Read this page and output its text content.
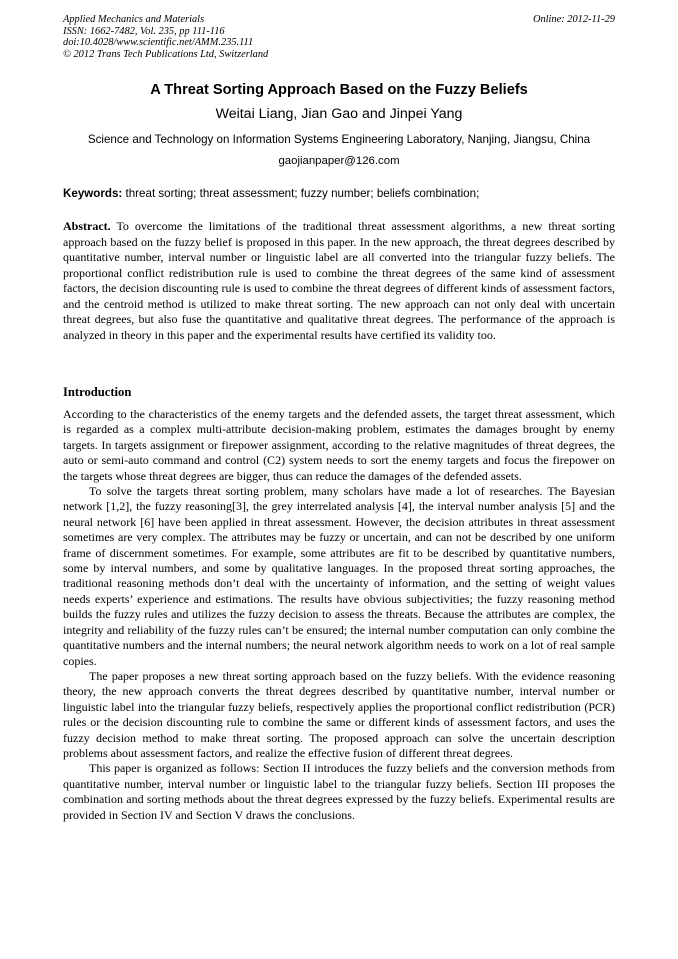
Applied Mechanics and Materials
ISSN: 1662-7482, Vol. 235, pp 111-116
doi:10.4028/www.scientific.net/AMM.235.111
© 2012 Trans Tech Publications Ltd, Switzerland
Online: 2012-11-29
A Threat Sorting Approach Based on the Fuzzy Beliefs
Weitai Liang, Jian Gao and Jinpei Yang
Science and Technology on Information Systems Engineering Laboratory, Nanjing, Jiangsu, China
gaojianpaper@126.com
Keywords: threat sorting; threat assessment; fuzzy number; beliefs combination;

Abstract. To overcome the limitations of the traditional threat assessment algorithms, a new threat sorting approach based on the fuzzy belief is proposed in this paper. In the new approach, the threat degrees described by quantitative number, interval number or linguistic label are all converted into the triangular fuzzy beliefs. The proportional conflict redistribution rule is used to combine the threat degrees of the same kind of assessment factors, the decision discounting rule is used to combine the threat degrees of different kinds of assessment factors, and the centroid method is utilized to make threat sorting. The new approach can not only deal with uncertain threat degrees, but also fuse the quantitative and qualitative threat degrees. The performance of the approach is analyzed in theory in this paper and the experimental results have certified its validity too.

Introduction

According to the characteristics of the enemy targets and the defended assets, the target threat assessment, which is regarded as a complex multi-attribute decision-making problem, estimates the damages brought by enemy targets. In targets assignment or firepower assignment, according to the relative magnitudes of threat degrees, the auto or semi-auto command and control (C2) system needs to sort the enemy targets and focus the firepower on the targets whose threat degrees are bigger, thus can reduce the damages of the defended assets.

To solve the targets threat sorting problem, many scholars have made a lot of researches. The Bayesian network [1,2], the fuzzy reasoning[3], the grey interrelated analysis [4], the interval number analysis [5] and the neural network [6] have been applied in threat assessment. However, the decision attributes in threat assessment sometimes are very complex. The attributes may be fuzzy or uncertain, and can not be described by one uniform frame of discernment sometimes. For example, some attributes are fit to be described by quantitative numbers, some by interval numbers, and some by qualitative languages. In the proposed threat sorting approaches, the traditional reasoning methods don’t deal with the uncertainty of information, and the setting of weight values needs experts’ experience and estimations. The results have obvious subjectivities; the fuzzy reasoning method builds the fuzzy rules and utilizes the fuzzy decision to assess the threats. Because the attributes are complex, the integrity and reliability of the fuzzy rules can’t be ensured; the internal number computation can only combine the quantitative numbers and the internal numbers; the neural network algorithm needs to work on a lot of real sample copies.

The paper proposes a new threat sorting approach based on the fuzzy beliefs. With the evidence reasoning theory, the new approach converts the threat degrees described by quantitative number, interval number or linguistic label into the triangular fuzzy beliefs, respectively applies the proportional conflict redistribution (PCR) rules or the decision discounting rule to combine the same or different kinds of assessment factors, and uses the fuzzy decision method to make threat sorting. The proposed approach can solve the uncertain description problems about assessment factors, and realize the effective fusion of different threat degrees.

This paper is organized as follows: Section II introduces the fuzzy beliefs and the conversion methods from quantitative number, interval number or linguistic label to the triangular fuzzy beliefs. Section III proposes the combination and sorting methods about the threat degrees expressed by the fuzzy beliefs. Experimental results are provided in Section IV and Section V draws the conclusions.
